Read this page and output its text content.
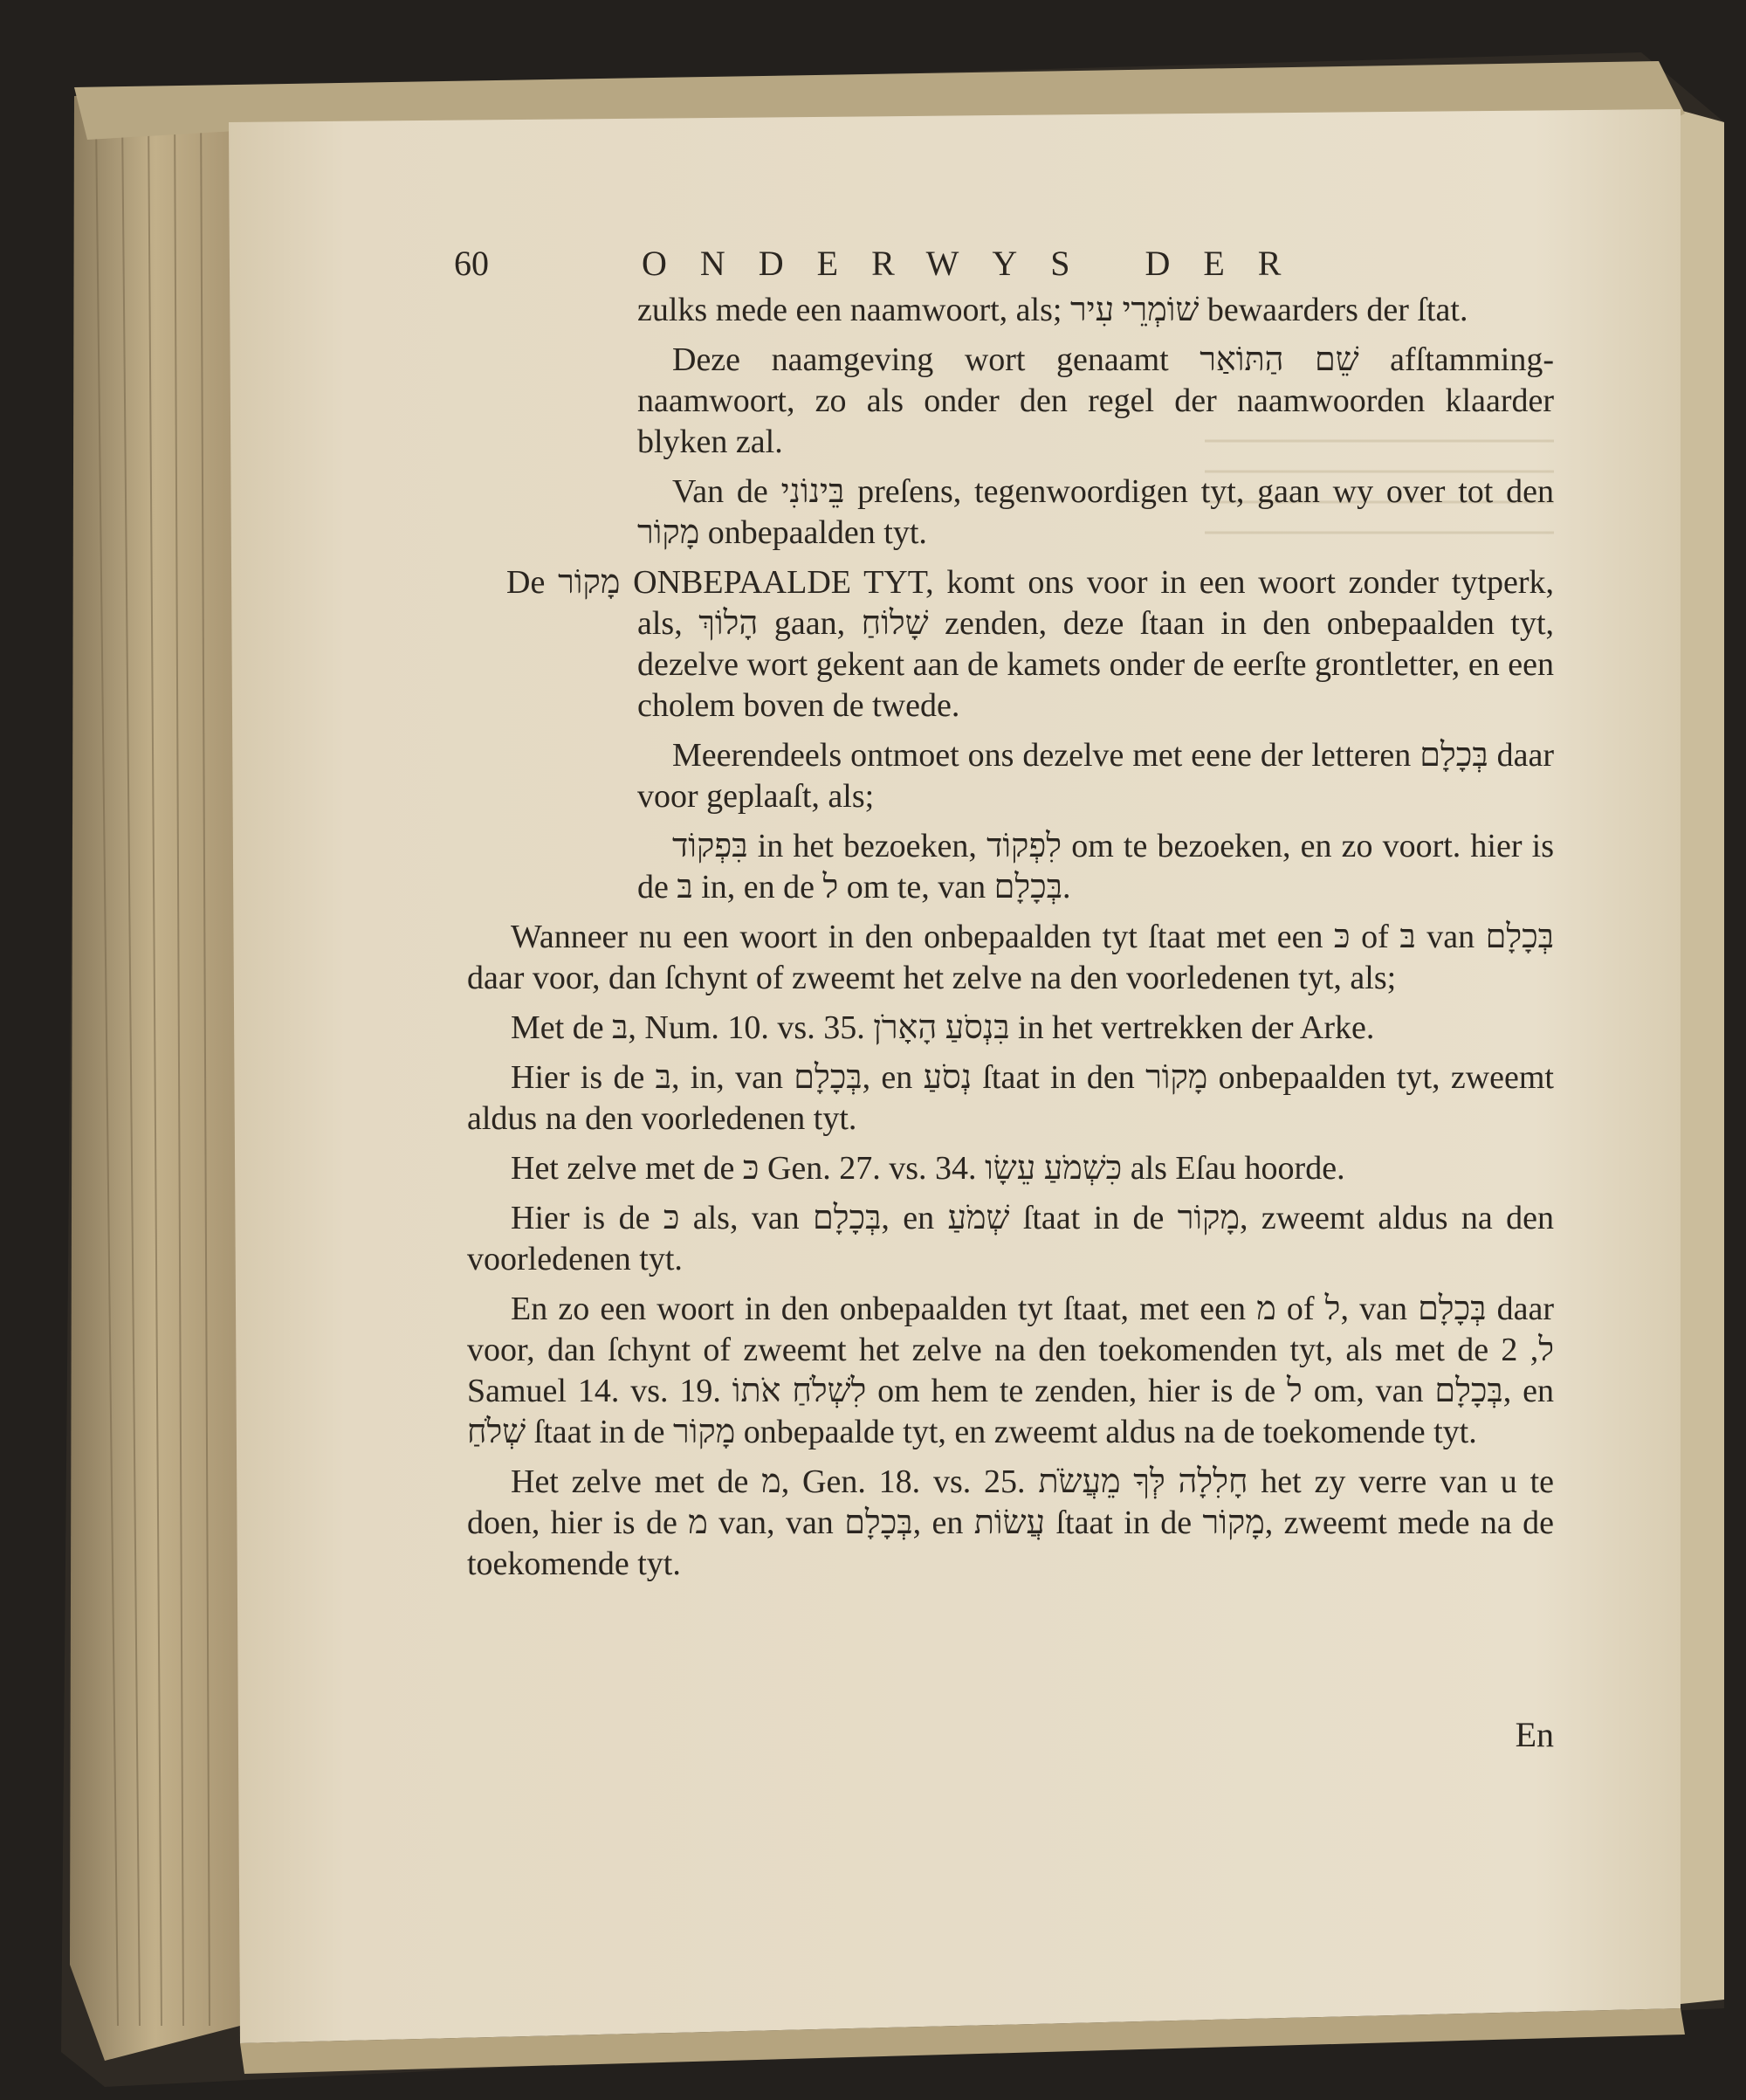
60	ONDERWYS DER

zulks mede een naamwoort, als; שׁוֹמְרֵי עִיר bewaarders der ſtat.

Deze naamgeving wort genaamt שֵׁם הַתּוֹאַר afſtamming-naamwoort, zo als onder den regel der naamwoorden klaarder blyken zal.

Van de בֵּינוֹנִי preſens, tegenwoordigen tyt, gaan wy over tot den מָקוֹר onbepaalden tyt.

De מָקוֹר ONBEPAALDE TYT, komt ons voor in een woort zonder tytperk, als, הָלוֹךְ gaan, שָׁלוֹחַ zenden, deze ſtaan in den onbepaalden tyt, dezelve wort gekent aan de kamets onder de eerſte grontletter, en een cholem boven de twede.

Meerendeels ontmoet ons dezelve met eene der letteren בְּכָלָם daar voor geplaaſt, als;

בִּפְקוֹד in het bezoeken, לִפְקוֹד om te bezoeken, en zo voort. hier is de בּ in, en de ל om te, van בְּכָלָם.

Wanneer nu een woort in den onbepaalden tyt ſtaat met een כּ of בּ van בְּכָלָם daar voor, dan ſchynt of zweemt het zelve na den voorledenen tyt, als;

Met de בּ, Num. 10. vs. 35. בִּנְסֹעַ הָאָרֹן in het vertrekken der Arke.

Hier is de בּ, in, van בְּכָלָם, en נְסֹעַ ſtaat in den מָקוֹר onbepaalden tyt, zweemt aldus na den voorledenen tyt.

Het zelve met de כּ Gen. 27. vs. 34. כִּשְׁמֹעַ עֵשָׂו als Eſau hoorde.

Hier is de כּ als, van בְּכָלָם, en שְׁמֹעַ ſtaat in de מָקוֹר, zweemt aldus na den voorledenen tyt.

En zo een woort in den onbepaalden tyt ſtaat, met een מ of ל, van בְּכָלָם daar voor, dan ſchynt of zweemt het zelve na den toekomenden tyt, als met de ל, 2 Samuel 14. vs. 19. לִשְׁלֹחַ אֹתוֹ om hem te zenden, hier is de ל om, van בְּכָלָם, en שְׁלֹחַ ſtaat in de מָקוֹר onbepaalde tyt, en zweemt aldus na de toekomende tyt.

Het zelve met de מ, Gen. 18. vs. 25. חָלִלָה לְּךָ מֵעֲשֹׂת het zy verre van u te doen, hier is de מ van, van בְּכָלָם, en עֲשׂוֹת ſtaat in de מָקוֹר, zweemt mede na de toekomende tyt.

En
